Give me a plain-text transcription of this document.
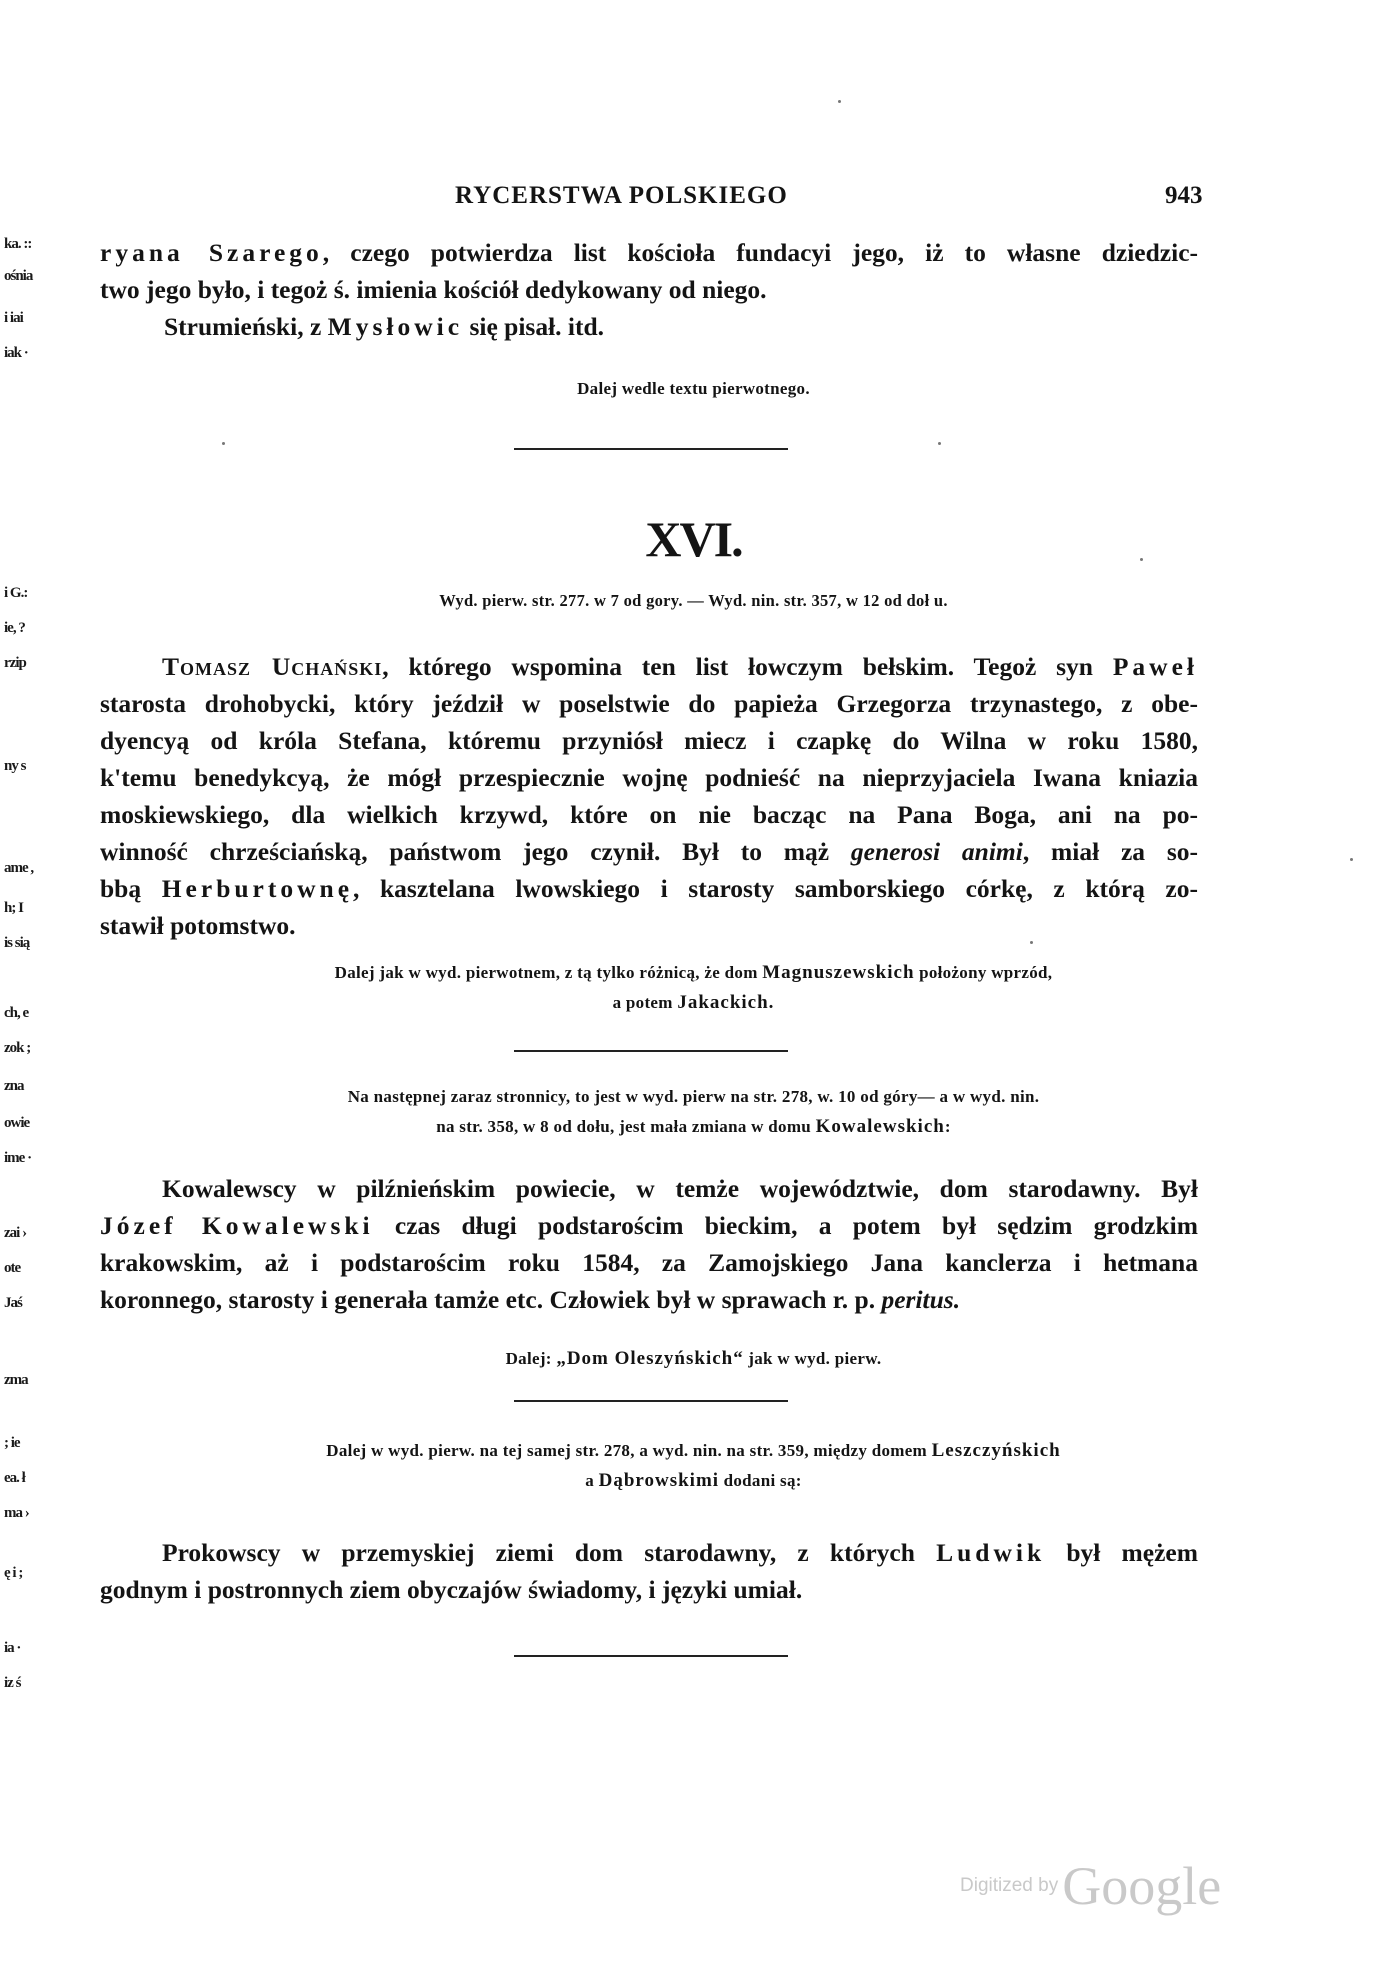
ka. ::
ośnia
i iai
iak ·
i G.:
ie, ?
rzip
ny s
ame ,
h; I
is sią
ch, e
zok ;
zna
owie
ime ·
zai ›
ote
Jaś
zma
; ie
ea. ł
ma ›
ę i ;
ia ·
iz ś
RYCERSTWA POLSKIEGO	943
ryana Szarego, czego potwierdza list kościoła fundacyi jego, iż to własne dziedzic-
two jego było, i tegoż ś. imienia kościół dedykowany od niego.
Strumieński, z Mysłowic się pisał. itd.
Dalej wedle textu pierwotnego.
XVI.
Wyd. pierw. str. 277. w 7 od gory. — Wyd. nin. str. 357, w 12 od doł u.
Tomasz Uchański, którego wspomina ten list łowczym bełskim. Tegoż syn Paweł
starosta drohobycki, który jeździł w poselstwie do papieża Grzegorza trzynastego, z obe-
dyencyą od króla Stefana, któremu przyniósł miecz i czapkę do Wilna w roku 1580,
k'temu benedykcyą, że mógł przespiecznie wojnę podnieść na nieprzyjaciela Iwana kniazia
moskiewskiego, dla wielkich krzywd, które on nie bacząc na Pana Boga, ani na po-
winność chrześciańską, państwom jego czynił. Był to mąż generosi animi, miał za so-
bbą Herburtownę, kasztelana lwowskiego i starosty samborskiego córkę, z którą zo-
stawił potomstwo.
Dalej jak w wyd. pierwotnem, z tą tylko różnicą, że dom Magnuszewskich położony wprzód,
a potem Jakackich.
Na następnej zaraz stronnicy, to jest w wyd. pierw na str. 278, w. 10 od góry— a w wyd. nin.
na str. 358, w 8 od dołu, jest mała zmiana w domu Kowalewskich:
Kowalewscy w pilźnieńskim powiecie, w temże województwie, dom starodawny. Był
Józef Kowalewski czas długi podstarościm bieckim, a potem był sędzim grodzkim
krakowskim, aż i podstarościm roku 1584, za Zamojskiego Jana kanclerza i hetmana
koronnego, starosty i generała tamże etc. Człowiek był w sprawach r. p. peritus.
Dalej: „Dom Oleszyńskich“ jak w wyd. pierw.
Dalej w wyd. pierw. na tej samej str. 278, a wyd. nin. na str. 359, między domem Leszczyńskich
a Dąbrowskimi dodani są:
Prokowscy w przemyskiej ziemi dom starodawny, z których Ludwik był mężem
godnym i postronnych ziem obyczajów świadomy, i języki umiał.
Digitized by Google
